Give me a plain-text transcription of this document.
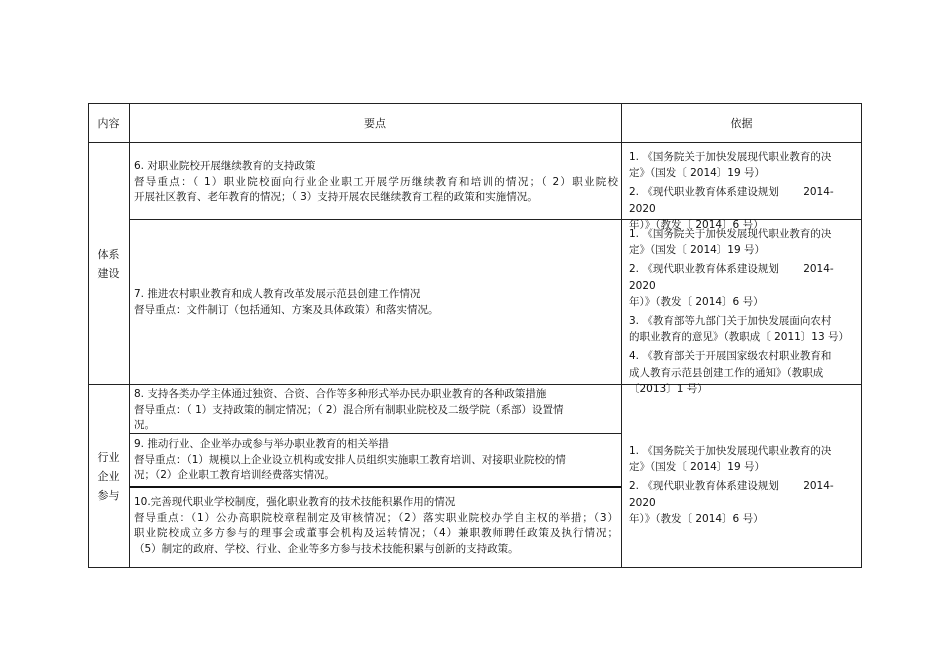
内容	要点	依据
体系
建设
6. 对职业院校开展继续教育的支持政策
督导重点：（ 1）职业院校面向行业企业职工开展学历继续教育和培训的情况；（ 2）职业院校
开展社区教育、老年教育的情况；（ 3）支持开展农民继续教育工程的政策和实施情况。

1. 《国务院关于加快发展现代职业教育的决

定》（国发〔 2014〕19 号）

2. 《现代职业教育体系建设规划　　 2014-2020

年）》（教发〔 2014〕6 号）

7. 推进农村职业教育和成人教育改革发展示范县创建工作情况
督导重点：文件制订（包括通知、方案及具体政策）和落实情况。

1. 《国务院关于加快发展现代职业教育的决

定》（国发〔 2014〕19 号）

2. 《现代职业教育体系建设规划　　 2014-2020

年）》（教发〔 2014〕6 号）

3. 《教育部等九部门关于加快发展面向农村

的职业教育的意见》（教职成〔 2011〕13 号）

4. 《教育部关于开展国家级农村职业教育和

成人教育示范县创建工作的通知》（教职成

〔2013〕1 号）

行业
企业
参与
8. 支持各类办学主体通过独资、合资、合作等多种形式举办民办职业教育的各种政策措施
督导重点：（ 1）支持政策的制定情况；（ 2）混合所有制职业院校及二级学院（系部）设置情
况。
9. 推动行业、企业举办或参与举办职业教育的相关举措
督导重点：（1）规模以上企业设立机构或安排人员组织实施职工教育培训、对接职业院校的情
况；（2）企业职工教育培训经费落实情况。
10.完善现代职业学校制度，强化职业教育的技术技能积累作用的情况
督导重点：（1）公办高职院校章程制定及审核情况；（2）落实职业院校办学自主权的举措；（3）
职业院校成立多方参与的理事会或董事会机构及运转情况；（4）兼职教师聘任政策及执行情况；
（5）制定的政府、学校、行业、企业等多方参与技术技能积累与创新的支持政策。

1. 《国务院关于加快发展现代职业教育的决

定》（国发〔 2014〕19 号）

2. 《现代职业教育体系建设规划　　 2014-2020

年）》（教发〔 2014〕6 号）
